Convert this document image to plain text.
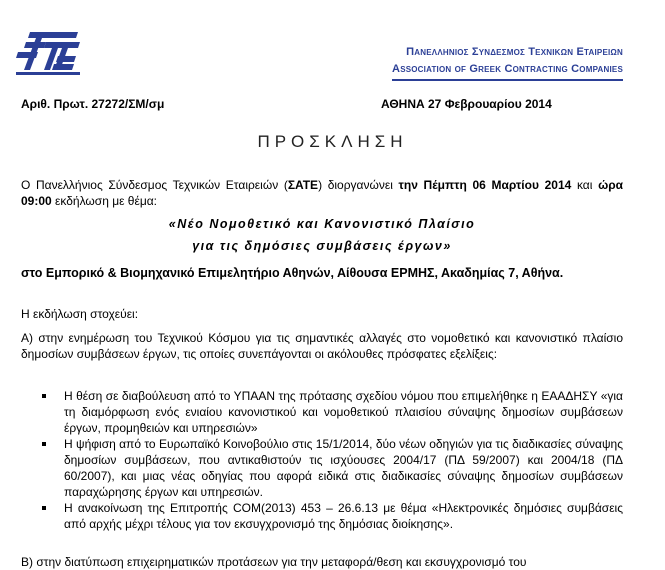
Πανελληνιος Συνδεσμος Τεχνικων Εταιρειων
Association of Greek Contracting Companies
Αριθ. Πρωτ. 27272/ΣΜ/σμ	ΑΘΗΝΑ 27 Φεβρουαρίου 2014
ΠΡΟΣΚΛΗΣΗ
Ο Πανελλήνιος Σύνδεσμος Τεχνικών Εταιρειών (ΣΑΤΕ) διοργανώνει την Πέμπτη 06 Μαρτίου 2014 και ώρα 09:00 εκδήλωση με θέμα:
«Νέο Νομοθετικό και Κανονιστικό Πλαίσιο
για τις δημόσιες συμβάσεις έργων»
στο Εμπορικό & Βιομηχανικό Επιμελητήριο Αθηνών, Αίθουσα ΕΡΜΗΣ, Ακαδημίας 7, Αθήνα.
Η εκδήλωση στοχεύει:
Α) στην ενημέρωση του Τεχνικού Κόσμου για τις σημαντικές αλλαγές στο νομοθετικό και κανονιστικό πλαίσιο δημοσίων συμβάσεων έργων, τις οποίες συνεπάγονται οι ακόλουθες πρόσφατες εξελίξεις:
Η θέση σε διαβούλευση από το ΥΠΑΑΝ της πρότασης σχεδίου νόμου που επιμελήθηκε η ΕΑΑΔΗΣΥ «για τη διαμόρφωση ενός ενιαίου κανονιστικού και νομοθετικού πλαισίου σύναψης δημοσίων συμβάσεων έργων, προμηθειών και υπηρεσιών»
Η ψήφιση από το Ευρωπαϊκό Κοινοβούλιο στις 15/1/2014, δύο νέων οδηγιών για τις διαδικασίες σύναψης δημοσίων συμβάσεων, που αντικαθιστούν τις ισχύουσες 2004/17 (ΠΔ 59/2007) και 2004/18 (ΠΔ 60/2007), και μιας νέας οδηγίας που αφορά ειδικά στις διαδικασίες σύναψης δημοσίων συμβάσεων παραχώρησης έργων και υπηρεσιών.
Η ανακοίνωση της Επιτροπής COM(2013) 453 – 26.6.13 με θέμα «Ηλεκτρονικές δημόσιες συμβάσεις από αρχής μέχρι τέλους για τον εκσυγχρονισμό της δημόσιας διοίκησης».
Β) στην διατύπωση επιχειρηματικών προτάσεων για την μεταφορά/θεση και εκσυγχρονισμό του
